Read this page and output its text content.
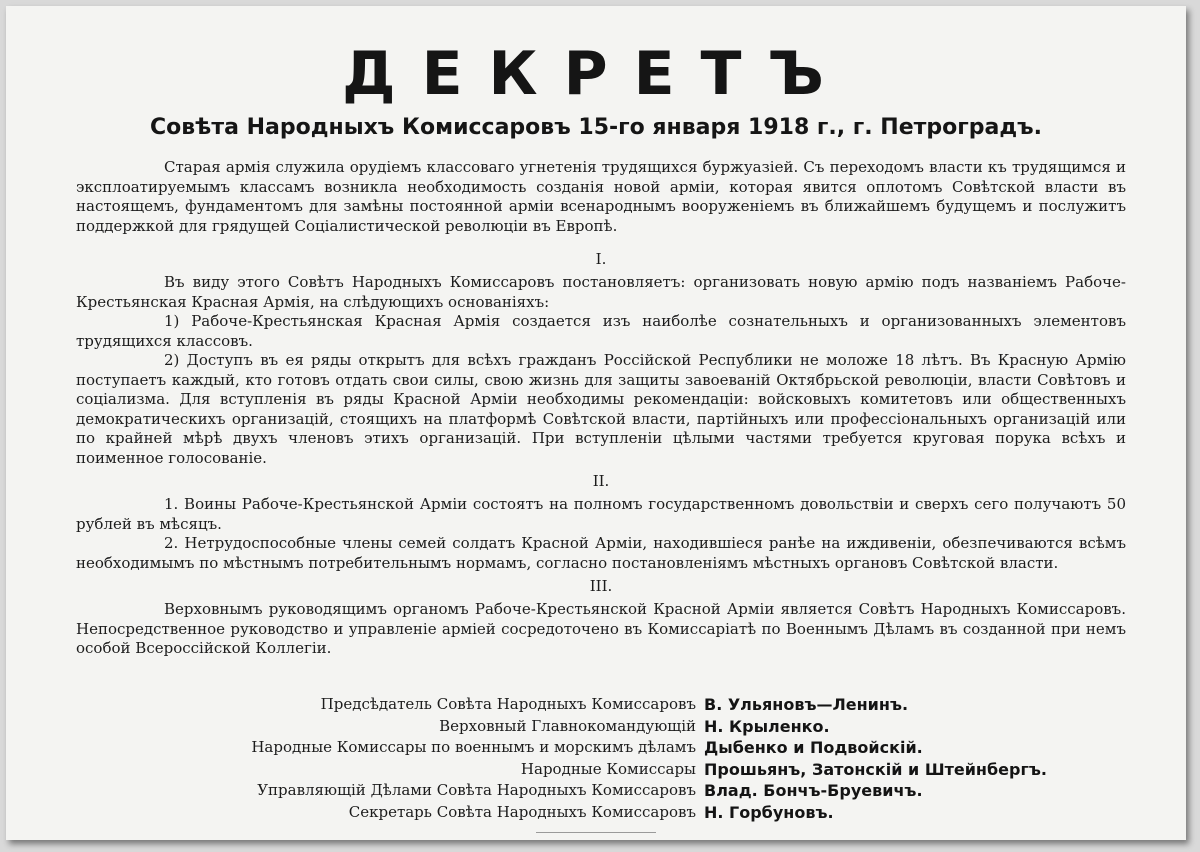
ДЕКРЕТЪ
Совѣта Народныхъ Комиссаровъ 15-го января 1918 г., г. Петроградъ.

Старая армія служила орудіемъ классоваго угнетенія трудящихся буржуазіей. Съ переходомъ власти къ трудящимся и эксплоатируемымъ классамъ возникла необходимость созданія новой арміи, которая явится оплотомъ Совѣтской власти въ настоящемъ, фундаментомъ для замѣны постоянной арміи всенароднымъ вооруженіемъ въ ближайшемъ будущемъ и послужитъ поддержкой для грядущей Соціалистической революціи въ Европѣ.

I.

Въ виду этого Совѣтъ Народныхъ Комиссаровъ постановляетъ: организовать новую армію подъ названіемъ Рабоче-Крестьянская Красная Армія, на слѣдующихъ основаніяхъ:

1) Рабоче-Крестьянская Красная Армія создается изъ наиболѣе сознательныхъ и организованныхъ элементовъ трудящихся классовъ.

2) Доступъ въ ея ряды открытъ для всѣхъ гражданъ Россійской Республики не моложе 18 лѣтъ. Въ Красную Армію поступаетъ каждый, кто готовъ отдать свои силы, свою жизнь для защиты завоеваній Октябрьской революціи, власти Совѣтовъ и соціализма. Для вступленія въ ряды Красной Арміи необходимы рекомендаціи: войсковыхъ комитетовъ или общественныхъ демократическихъ организацій, стоящихъ на платформѣ Совѣтской власти, партійныхъ или профессіональныхъ организацій или по крайней мѣрѣ двухъ членовъ этихъ организацій. При вступленіи цѣлыми частями требуется круговая порука всѣхъ и поименное голосованіе.

II.

1. Воины Рабоче-Крестьянской Арміи состоятъ на полномъ государственномъ довольствіи и сверхъ сего получаютъ 50 рублей въ мѣсяцъ.

2. Нетрудоспособные члены семей солдатъ Красной Арміи, находившіеся ранѣе на иждивеніи, обезпечиваются всѣмъ необходимымъ по мѣстнымъ потребительнымъ нормамъ, согласно постановленіямъ мѣстныхъ органовъ Совѣтской власти.

III.

Верховнымъ руководящимъ органомъ Рабоче-Крестьянской Красной Арміи является Совѣтъ Народныхъ Комиссаровъ. Непосредственное руководство и управленіе арміей сосредоточено въ Комиссаріатѣ по Военнымъ Дѣламъ въ созданной при немъ особой Всероссійской Коллегіи.

Предсѣдатель Совѣта Народныхъ Комиссаровъ В. Ульяновъ—Ленинъ.
Верховный Главнокомандующій Н. Крыленко.
Народные Комиссары по военнымъ и морскимъ дѣламъ Дыбенко и Подвойскій.
Народные Комиссары Прошьянъ, Затонскій и Штейнбергъ.
Управляющій Дѣлами Совѣта Народныхъ Комиссаровъ Влад. Бончъ-Бруевичъ.
Секретарь Совѣта Народныхъ Комиссаровъ Н. Горбуновъ.
